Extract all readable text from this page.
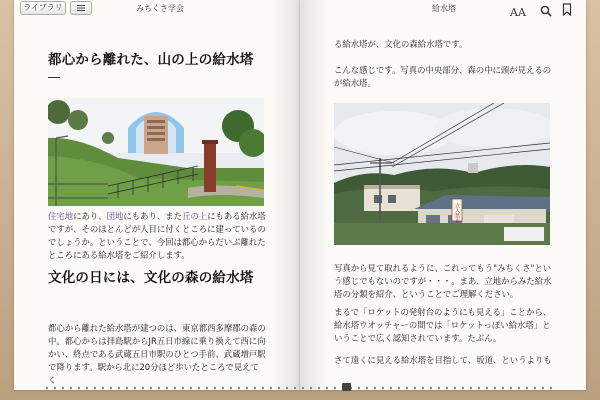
ライブラリ	みちくさ学会
都心から離れた、山の上の給水塔

住宅地にあり、団地にもあり、また丘の上にもある給水塔ですが、そのほとんどが人目に付くところに建っているのでしょうか。ということで、今回は都心からだいぶ離れたところにある給水塔をご紹介します。

文化の日には、文化の森の給水塔

都心から離れた給水塔が建つのは、東京都西多摩郡の森の中。都心からは拝島駅からJR五日市線に乗り換えて西に向かい、終点である武蔵五日市駅のひとつ手前、武蔵増戸駅で降ります。駅から北に20分ほど歩いたところで見えてく

給水塔	AA

る給水塔が、文化の森給水塔です。

こんな感じです。写真の中央部分、森の中に頭が見えるのが給水塔。

立入禁止

写真から見て取れるように、これってもう"みちくさ"という感じでもないのですが・・・。まあ、立地からみた給水塔の分類を紹介、ということでご理解ください。

まるで「ロケットの発射台のようにも見える」ことから、給水塔ウオッチャーの間では「ロケットっぽい給水塔」ということで広く認知されています。たぶん。

さて遠くに見える給水塔を目指して、坂道、というよりも
